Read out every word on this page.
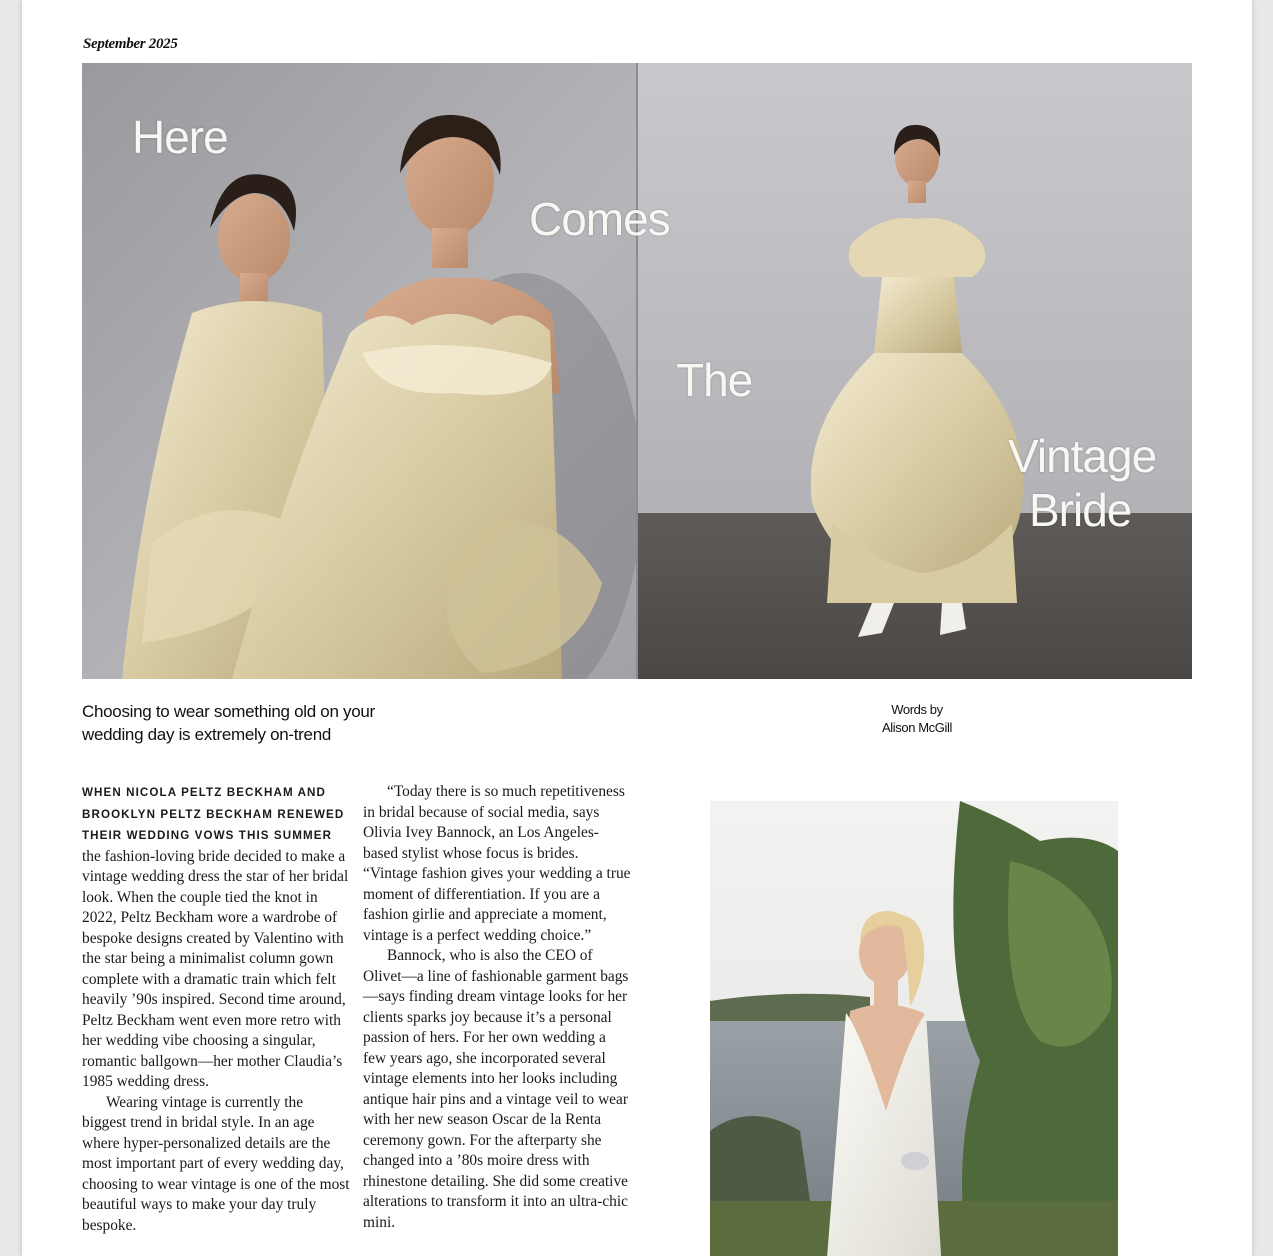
September 2025
Here
Comes
The
Vintage
Bride
Choosing to wear something old on your wedding day is extremely on-trend
Words by
Alison McGill

WHEN NICOLA PELTZ BECKHAM AND BROOKLYN PELTZ BECKHAM RENEWED THEIR WEDDING VOWS THIS SUMMER the fashion-loving bride decided to make a vintage wedding dress the star of her bridal look. When the couple tied the knot in 2022, Peltz Beckham wore a wardrobe of bespoke designs created by Valentino with the star being a minimalist column gown complete with a dramatic train which felt heavily ’90s inspired. Second time around, Peltz Beckham went even more retro with her wedding vibe choosing a singular, romantic ballgown—her mother Claudia’s 1985 wedding dress.

Wearing vintage is currently the biggest trend in bridal style. In an age where hyper-personalized details are the most important part of every wedding day, choosing to wear vintage is one of the most beautiful ways to make your day truly bespoke.

“Today there is so much repetitiveness in bridal because of social media, says Olivia Ivey Bannock, an Los Angeles-based stylist whose focus is brides. “Vintage fashion gives your wedding a true moment of differentiation. If you are a fashion girlie and appreciate a moment, vintage is a perfect wedding choice.”

Bannock, who is also the CEO of Olivet—a line of fashionable garment bags—says finding dream vintage looks for her clients sparks joy because it’s a personal passion of hers. For her own wedding a few years ago, she incorporated several vintage elements into her looks including antique hair pins and a vintage veil to wear with her new season Oscar de la Renta ceremony gown. For the afterparty she changed into a ’80s moire dress with rhinestone detailing. She did some creative alterations to transform it into an ultra-chic mini.
